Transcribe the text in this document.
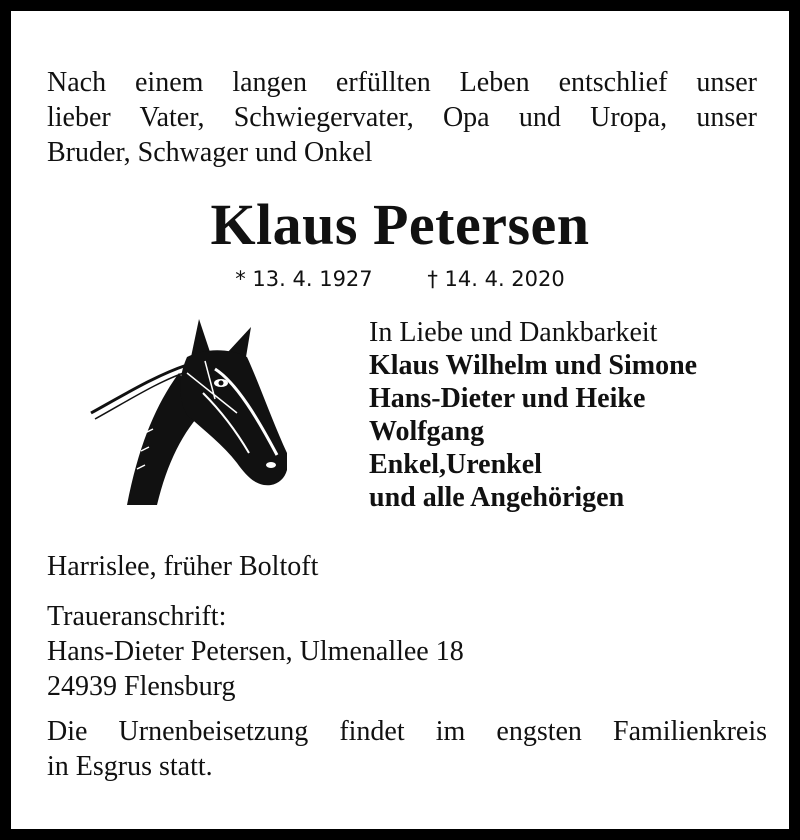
Nach einem langen erfüllten Leben entschlief unser
lieber Vater, Schwiegervater, Opa und Uropa, unser
Bruder, Schwager und Onkel
Klaus Petersen
* 13. 4. 1927	† 14. 4. 2020
In Liebe und Dankbarkeit
Klaus Wilhelm und Simone
Hans-Dieter und Heike
Wolfgang
Enkel,Urenkel
und alle Angehörigen
Harrislee, früher Boltoft
Traueranschrift:
Hans-Dieter Petersen, Ulmenallee 18
24939 Flensburg
Die Urnenbeisetzung findet im engsten Familienkreis
in Esgrus statt.
